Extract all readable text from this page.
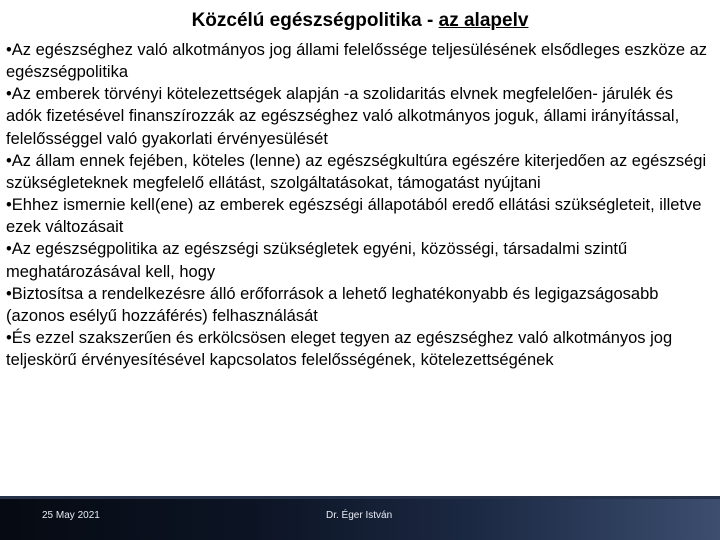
Közcélú egészségpolitika - az alapelv

•Az egészséghez való alkotmányos jog állami felelőssége teljesülésének elsődleges eszköze az egészségpolitika

•Az emberek törvényi kötelezettségek alapján -a szolidaritás elvnek megfelelően- járulék és adók fizetésével finanszírozzák az egészséghez való alkotmányos joguk, állami irányítással, felelősséggel való gyakorlati érvényesülését

•Az állam ennek fejében, köteles (lenne) az egészségkultúra egészére kiterjedően az egészségi szükségleteknek megfelelő ellátást, szolgáltatásokat, támogatást nyújtani

•Ehhez ismernie kell(ene) az emberek egészségi állapotából eredő ellátási szükségleteit, illetve ezek változásait

•Az egészségpolitika az egészségi szükségletek egyéni, közösségi, társadalmi szintű meghatározásával kell, hogy

•Biztosítsa a rendelkezésre álló erőforrások a lehető leghatékonyabb és legigazságosabb (azonos esélyű hozzáférés) felhasználását

•És ezzel szakszerűen és erkölcsösen eleget tegyen az egészséghez való alkotmányos jog teljeskörű érvényesítésével kapcsolatos felelősségének, kötelezettségének

25 May 2021	Dr. Éger István
